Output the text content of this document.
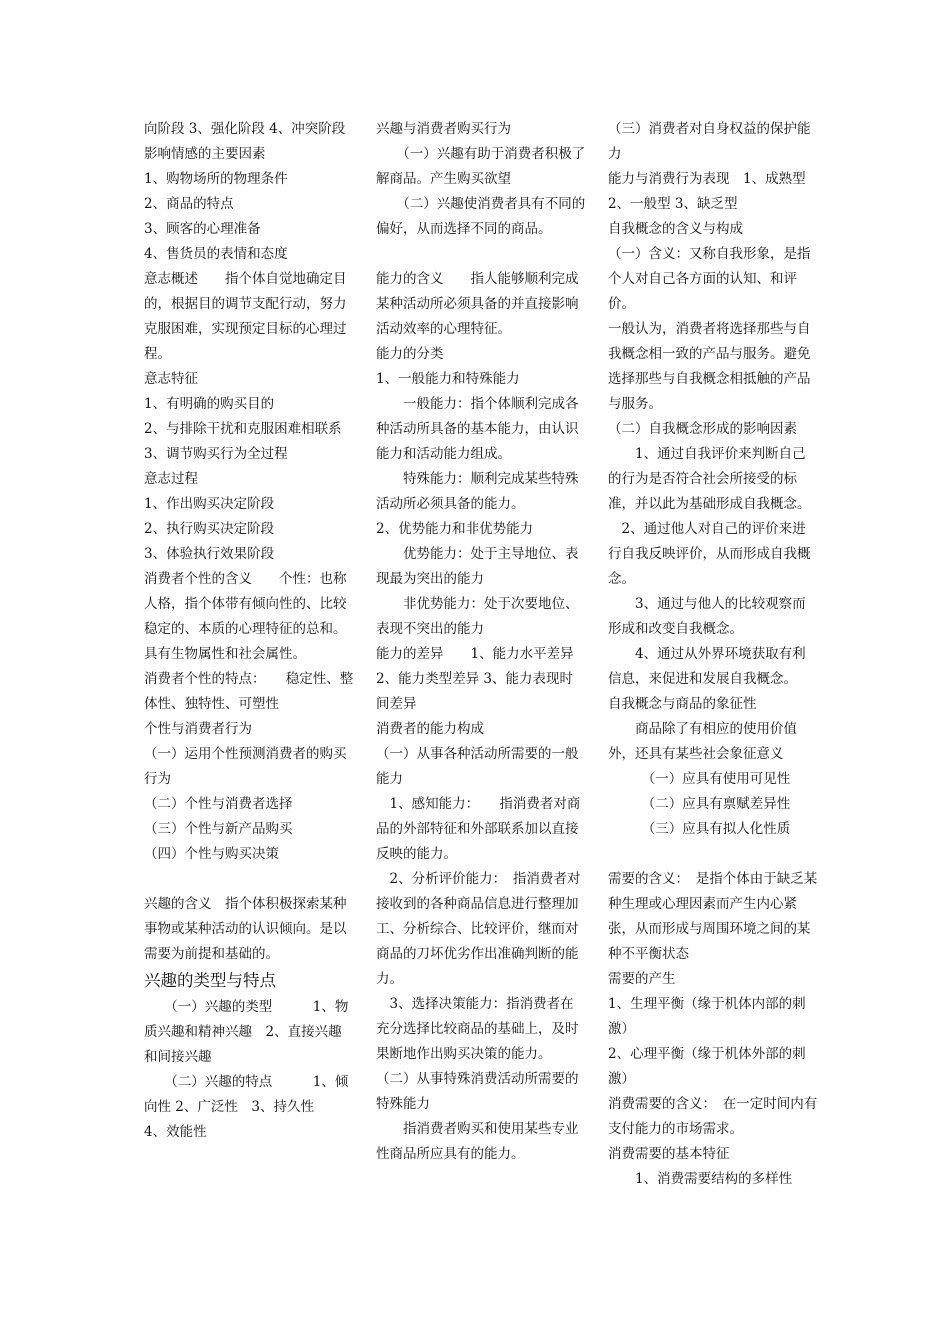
向阶段 3、强化阶段 4、冲突阶段
影响情感的主要因素
1、购物场所的物理条件
2、商品的特点
3、顾客的心理准备
4、售货员的表情和态度
意志概述　　指个体自觉地确定目的，根据目的调节支配行动，努力克服困难，实现预定目标的心理过程。
意志特征
1、有明确的购买目的
2、与排除干扰和克服困难相联系
3、调节购买行为全过程
意志过程
1、作出购买决定阶段
2、执行购买决定阶段
3、体验执行效果阶段
消费者个性的含义　　个性：也称人格，指个体带有倾向性的、比较稳定的、本质的心理特征的总和。　　具有生物属性和社会属性。
消费者个性的特点：　　稳定性、整体性、独特性、可塑性
个性与消费者行为
（一）运用个性预测消费者的购买行为
（二）个性与消费者选择
（三）个性与新产品购买
（四）个性与购买决策
兴趣的含义　指个体积极探索某种事物或某种活动的认识倾向。是以需要为前提和基础的。
兴趣的类型与特点
　　（一）兴趣的类型　　　1、物质兴趣和精神兴趣　2、直接兴趣和间接兴趣
　　（二）兴趣的特点　　　1、倾向性 2、广泛性　3、持久性　　4、效能性
兴趣与消费者购买行为
　　（一）兴趣有助于消费者积极了解商品。产生购买欲望
　　（二）兴趣使消费者具有不同的偏好，从而选择不同的商品。
能力的含义　　指人能够顺利完成某种活动所必须具备的并直接影响活动效率的心理特征。
能力的分类
1、一般能力和特殊能力
　　一般能力：指个体顺利完成各种活动所具备的基本能力，由认识能力和活动能力组成。
　　特殊能力：顺利完成某些特殊活动所必须具备的能力。
2、优势能力和非优势能力
　　优势能力：处于主导地位、表现最为突出的能力
　　非优势能力：处于次要地位、表现不突出的能力
能力的差异　　1、能力水平差异 2、能力类型差异 3、能力表现时间差异
消费者的能力构成
（一）从事各种活动所需要的一般能力
　1、感知能力：　　指消费者对商品的外部特征和外部联系加以直接反映的能力。
　2、分析评价能力：　指消费者对接收到的各种商品信息进行整理加工、分析综合、比较评价，继而对商品的刀坏优劣作出准确判断的能力。
　3、选择决策能力：指消费者在充分选择比较商品的基础上，及时果断地作出购买决策的能力。
（二）从事特殊消费活动所需要的特殊能力
　　指消费者购买和使用某些专业性商品所应具有的能力。
（三）消费者对自身权益的保护能力
能力与消费行为表现　1、成熟型 2、一般型 3、缺乏型
自我概念的含义与构成
（一）含义：又称自我形象，是指个人对自己各方面的认知、和评价。
一般认为，消费者将选择那些与自我概念相一致的产品与服务。避免选择那些与自我概念相抵触的产品与服务。
（二）自我概念形成的影响因素
　　1、通过自我评价来判断自己的行为是否符合社会所接受的标准，并以此为基础形成自我概念。
　2、通过他人对自己的评价来进行自我反映评价，从而形成自我概念。
　　3、通过与他人的比较观察而形成和改变自我概念。
　　4、通过从外界环境获取有利信息，来促进和发展自我概念。
自我概念与商品的象征性
　　商品除了有相应的使用价值外，还具有某些社会象征意义
　　　（一）应具有使用可见性
　　　（二）应具有禀赋差异性
　　　（三）应具有拟人化性质
需要的含义：　是指个体由于缺乏某种生理或心理因素而产生内心紧张，从而形成与周围环境之间的某种不平衡状态
需要的产生
1、生理平衡（缘于机体内部的刺激）
2、心理平衡（缘于机体外部的刺激）
消费需要的含义：　在一定时间内有支付能力的市场需求。
消费需要的基本特征
　　1、消费需要结构的多样性
